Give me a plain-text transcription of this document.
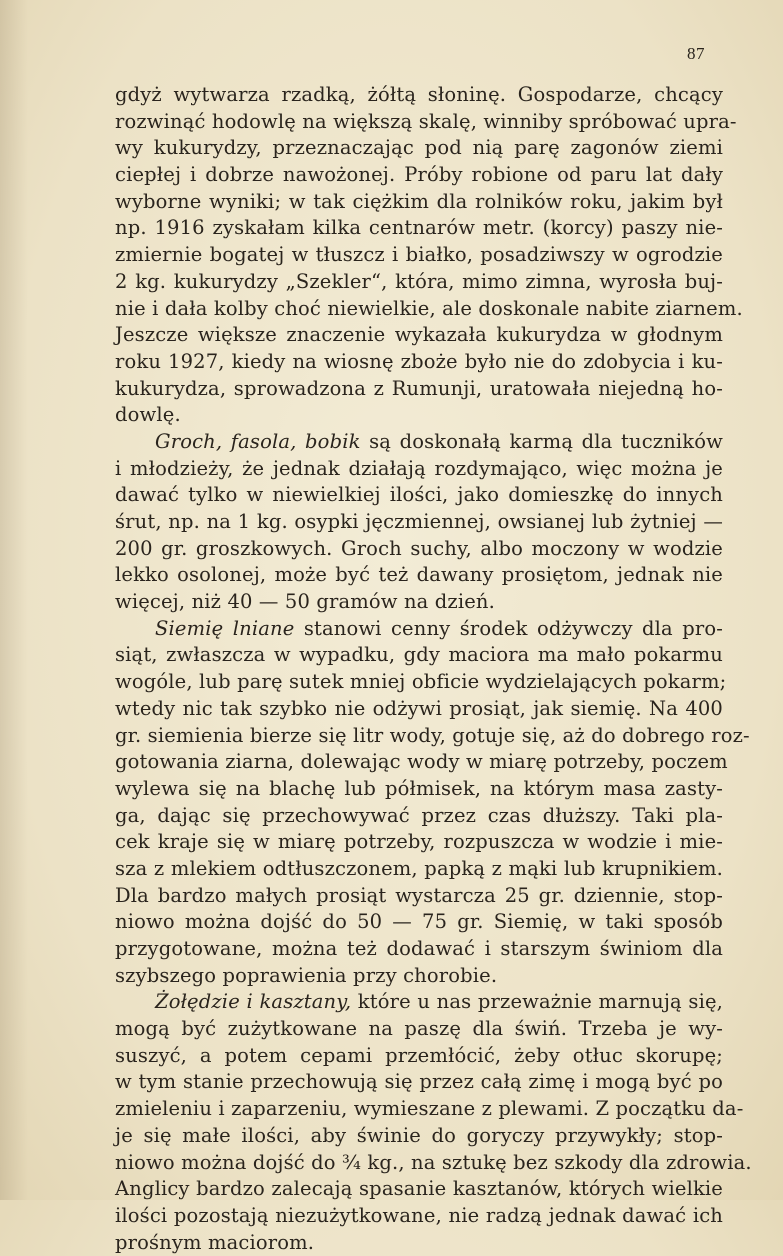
87
gdyż wytwarza rzadką, żółtą słoninę. Gospodarze, chcący
rozwinąć hodowlę na większą skalę, winniby spróbować upra-
wy kukurydzy, przeznaczając pod nią parę zagonów ziemi
ciepłej i dobrze nawożonej. Próby robione od paru lat dały
wyborne wyniki; w tak ciężkim dla rolników roku, jakim był
np. 1916 zyskałam kilka centnarów metr. (korcy) paszy nie-
zmiernie bogatej w tłuszcz i białko, posadziwszy w ogrodzie
2 kg. kukurydzy „Szekler“, która, mimo zimna, wyrosła buj-
nie i dała kolby choć niewielkie, ale doskonale nabite ziarnem.
Jeszcze większe znaczenie wykazała kukurydza w głodnym
roku 1927, kiedy na wiosnę zboże było nie do zdobycia i ku-
kukurydza, sprowadzona z Rumunji, uratowała niejedną ho-
dowlę.
Groch, fasola, bobik są doskonałą karmą dla tuczników
i młodzieży, że jednak działają rozdymająco, więc można je
dawać tylko w niewielkiej ilości, jako domieszkę do innych
śrut, np. na 1 kg. osypki jęczmiennej, owsianej lub żytniej —
200 gr. groszkowych. Groch suchy, albo moczony w wodzie
lekko osolonej, może być też dawany prosiętom, jednak nie
więcej, niż 40 — 50 gramów na dzień.
Siemię lniane stanowi cenny środek odżywczy dla pro-
siąt, zwłaszcza w wypadku, gdy maciora ma mało pokarmu
wogóle, lub parę sutek mniej obficie wydzielających pokarm;
wtedy nic tak szybko nie odżywi prosiąt, jak siemię. Na 400
gr. siemienia bierze się litr wody, gotuje się, aż do dobrego roz-
gotowania ziarna, dolewając wody w miarę potrzeby, poczem
wylewa się na blachę lub półmisek, na którym masa zasty-
ga, dając się przechowywać przez czas dłuższy. Taki pla-
cek kraje się w miarę potrzeby, rozpuszcza w wodzie i mie-
sza z mlekiem odtłuszczonem, papką z mąki lub krupnikiem.
Dla bardzo małych prosiąt wystarcza 25 gr. dziennie, stop-
niowo można dojść do 50 — 75 gr. Siemię, w taki sposób
przygotowane, można też dodawać i starszym świniom dla
szybszego poprawienia przy chorobie.
Żołędzie i kasztany, które u nas przeważnie marnują się,
mogą być zużytkowane na paszę dla świń. Trzeba je wy-
suszyć, a potem cepami przemłócić, żeby otłuc skorupę;
w tym stanie przechowują się przez całą zimę i mogą być po
zmieleniu i zaparzeniu, wymieszane z plewami. Z początku da-
je się małe ilości, aby świnie do goryczy przywykły; stop-
niowo można dojść do ¾ kg., na sztukę bez szkody dla zdrowia.
Anglicy bardzo zalecają spasanie kasztanów, których wielkie
ilości pozostają niezużytkowane, nie radzą jednak dawać ich
prośnym maciorom.
